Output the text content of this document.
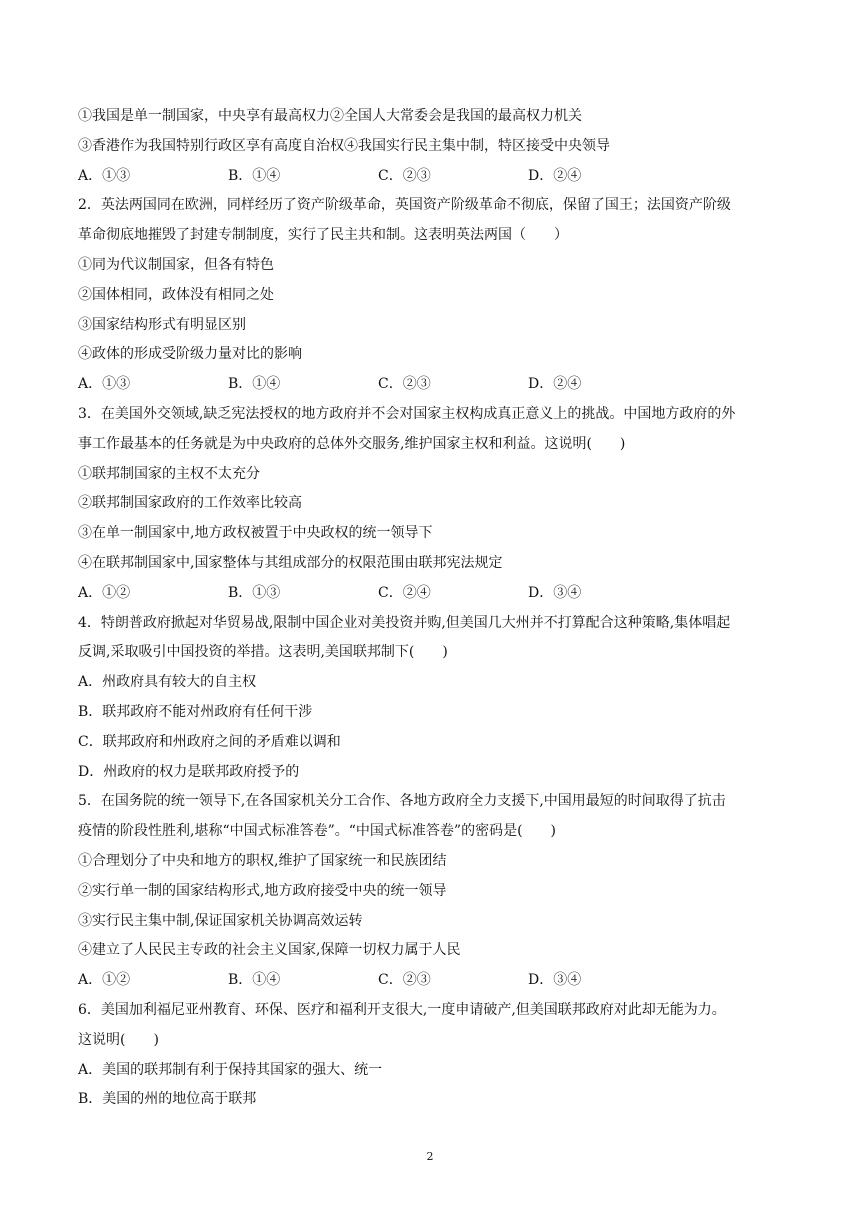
①我国是单一制国家，中央享有最高权力②全国人大常委会是我国的最高权力机关
③香港作为我国特别行政区享有高度自治权④我国实行民主集中制，特区接受中央领导
A．①③	B．①④	C．②③	D．②④
2．英法两国同在欧洲，同样经历了资产阶级革命，英国资产阶级革命不彻底，保留了国王；法国资产阶级
革命彻底地摧毁了封建专制制度，实行了民主共和制。这表明英法两国（　　）
①同为代议制国家，但各有特色
②国体相同，政体没有相同之处
③国家结构形式有明显区别
④政体的形成受阶级力量对比的影响
A．①③	B．①④	C．②③	D．②④
3．在美国外交领域,缺乏宪法授权的地方政府并不会对国家主权构成真正意义上的挑战。中国地方政府的外
事工作最基本的任务就是为中央政府的总体外交服务,维护国家主权和利益。这说明(　　)
①联邦制国家的主权不太充分
②联邦制国家政府的工作效率比较高
③在单一制国家中,地方政权被置于中央政权的统一领导下
④在联邦制国家中,国家整体与其组成部分的权限范围由联邦宪法规定
A．①②	B．①③	C．②④	D．③④
4．特朗普政府掀起对华贸易战,限制中国企业对美投资并购,但美国几大州并不打算配合这种策略,集体唱起
反调,采取吸引中国投资的举措。这表明,美国联邦制下(　　)
A．州政府具有较大的自主权
B．联邦政府不能对州政府有任何干涉
C．联邦政府和州政府之间的矛盾难以调和
D．州政府的权力是联邦政府授予的
5．在国务院的统一领导下,在各国家机关分工合作、各地方政府全力支援下,中国用最短的时间取得了抗击
疫情的阶段性胜利,堪称“中国式标准答卷”。“中国式标准答卷”的密码是(　　)
①合理划分了中央和地方的职权,维护了国家统一和民族团结
②实行单一制的国家结构形式,地方政府接受中央的统一领导
③实行民主集中制,保证国家机关协调高效运转
④建立了人民民主专政的社会主义国家,保障一切权力属于人民
A．①②	B．①④	C．②③	D．③④
6．美国加利福尼亚州教育、环保、医疗和福利开支很大,一度申请破产,但美国联邦政府对此却无能为力。
这说明(　　)
A．美国的联邦制有利于保持其国家的强大、统一
B．美国的州的地位高于联邦
2
